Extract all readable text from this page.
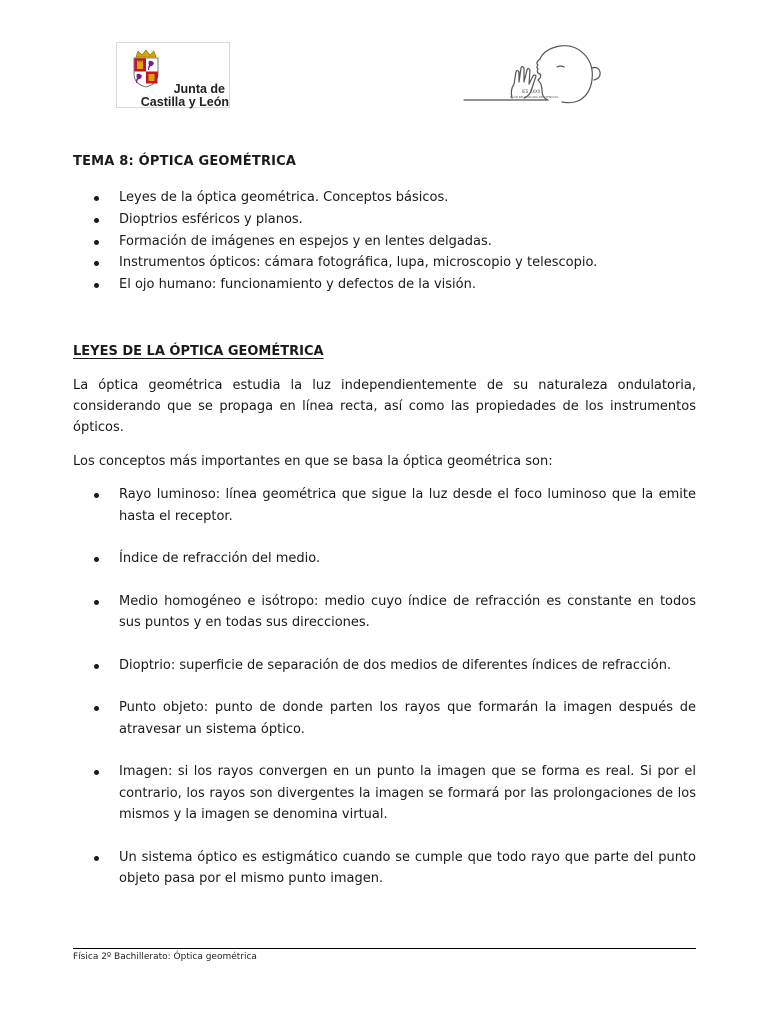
Junta de
Castilla y León
IES XXXX
PLAN DE ACOGIDA DE CIENCIAS
TEMA 8: ÓPTICA GEOMÉTRICA
Leyes de la óptica geométrica. Conceptos básicos.
Dioptrios esféricos y planos.
Formación de imágenes en espejos y en lentes delgadas.
Instrumentos ópticos: cámara fotográfica, lupa, microscopio y telescopio.
El ojo humano: funcionamiento y defectos de la visión.
LEYES DE LA ÓPTICA GEOMÉTRICA

La óptica geométrica estudia la luz independientemente de su naturaleza ondulatoria, considerando que se propaga en línea recta, así como las propiedades de los instrumentos ópticos.

Los conceptos más importantes en que se basa la óptica geométrica son:

Rayo luminoso: línea geométrica que sigue la luz desde el foco luminoso que la emite hasta el receptor.
Índice de refracción del medio.
Medio homogéneo e isótropo: medio cuyo índice de refracción es constante en todos sus puntos y en todas sus direcciones.
Dioptrio: superficie de separación de dos medios de diferentes índices de refracción.
Punto objeto: punto de donde parten los rayos que formarán la imagen después de atravesar un sistema óptico.
Imagen: si los rayos convergen en un punto la imagen que se forma es real. Si por el contrario, los rayos son divergentes la imagen se formará por las prolongaciones de los mismos y la imagen se denomina virtual.
Un sistema óptico es estigmático cuando se cumple que todo rayo que parte del punto objeto pasa por el mismo punto imagen.
Física 2º Bachillerato: Óptica geométrica
